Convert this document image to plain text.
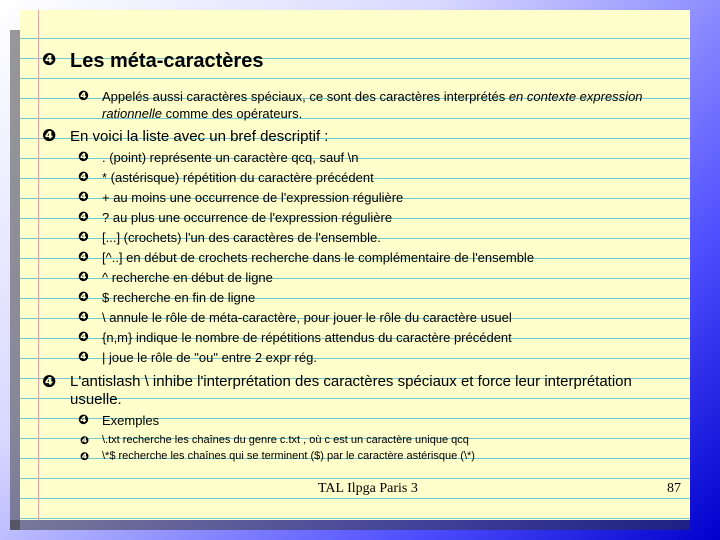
❹ Les méta-caractères
❹ Appelés aussi caractères spéciaux, ce sont des caractères interprétés en contexte expression
rationnelle comme des opérateurs.
❹ En voici la liste avec un bref descriptif :
❹ . (point) représente un caractère qcq, sauf \n
❹ * (astérisque) répétition du caractère précédent
❹ + au moins une occurrence de l'expression régulière
❹ ? au plus une occurrence de l'expression régulière
❹ [...] (crochets) l'un des caractères de l'ensemble.
❹ [^..] en début de crochets recherche dans le complémentaire de l'ensemble
❹ ^ recherche en début de ligne
❹ $ recherche en fin de ligne
❹ \ annule le rôle de méta-caractère, pour jouer le rôle du caractère usuel
❹ {n,m} indique le nombre de répétitions attendus du caractère précédent
❹ | joue le rôle de "ou" entre 2 expr rég.
❹ L'antislash \ inhibe l'interprétation des caractères spéciaux et force leur interprétation
usuelle.
❹ Exemples
❹ \.txt recherche les chaînes du genre c.txt , où c est un caractère unique qcq
❹ \*$ recherche les chaînes qui se terminent ($) par le caractère astérisque (\*)
TAL Ilpga Paris 3	87
